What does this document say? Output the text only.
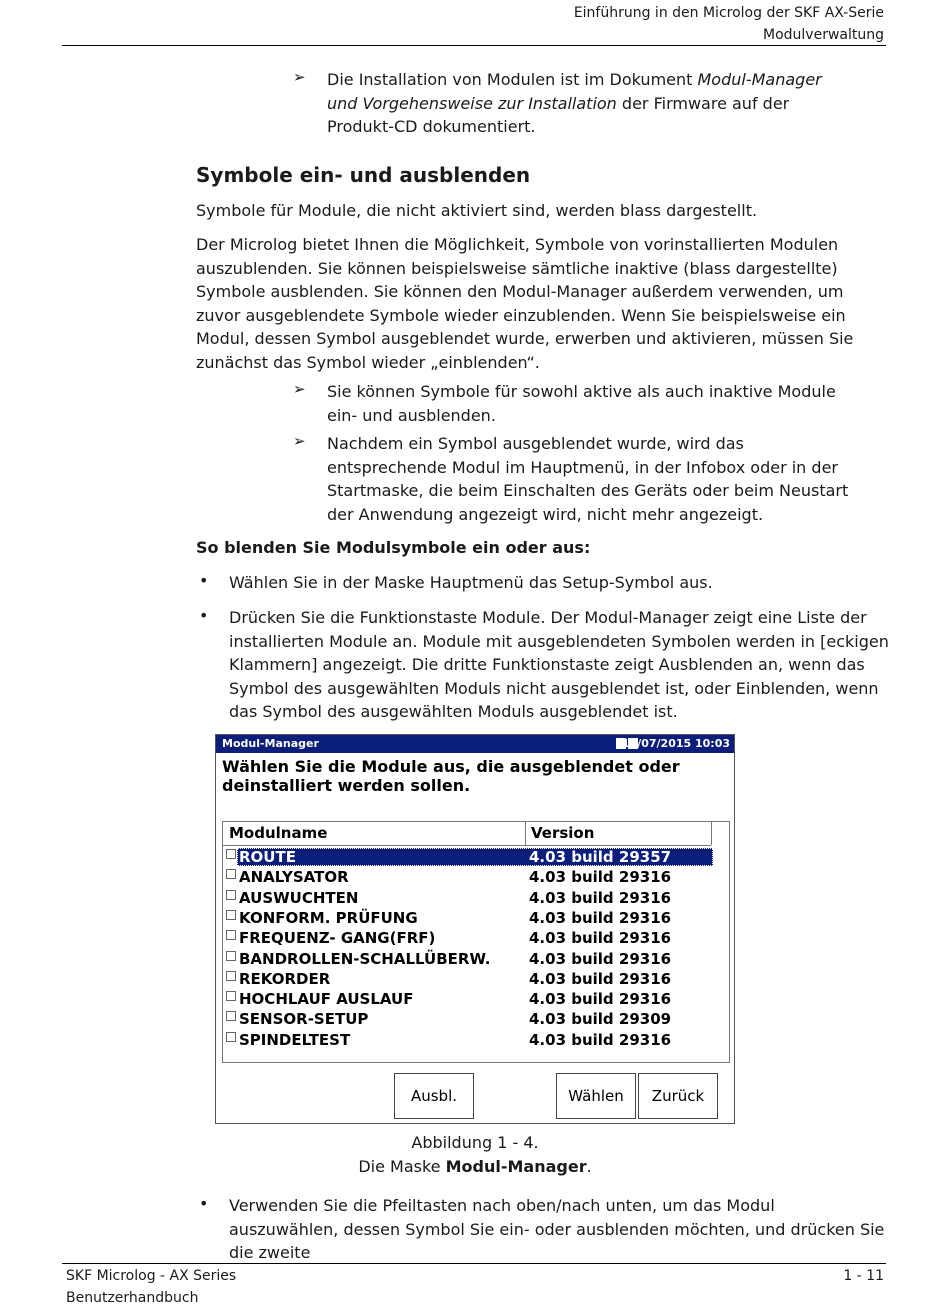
Einführung in den Microlog der SKF AX-Serie
Modulverwaltung
➢ Die Installation von Modulen ist im Dokument Modul-Manager und Vorgehensweise zur Installation der Firmware auf der Produkt-CD dokumentiert.
Symbole ein- und ausblenden
Symbole für Module, die nicht aktiviert sind, werden blass dargestellt.
Der Microlog bietet Ihnen die Möglichkeit, Symbole von vorinstallierten Modulen auszublenden. Sie können beispielsweise sämtliche inaktive (blass dargestellte) Symbole ausblenden. Sie können den Modul-Manager außerdem verwenden, um zuvor ausgeblendete Symbole wieder einzublenden. Wenn Sie beispielsweise ein Modul, dessen Symbol ausgeblendet wurde, erwerben und aktivieren, müssen Sie zunächst das Symbol wieder „einblenden“.
➢ Sie können Symbole für sowohl aktive als auch inaktive Module ein- und ausblenden.
➢ Nachdem ein Symbol ausgeblendet wurde, wird das entsprechende Modul im Hauptmenü, in der Infobox oder in der Startmaske, die beim Einschalten des Geräts oder beim Neustart der Anwendung angezeigt wird, nicht mehr angezeigt.
So blenden Sie Modulsymbole ein oder aus:
• Wählen Sie in der Maske Hauptmenü das Setup-Symbol aus.
• Drücken Sie die Funktionstaste Module. Der Modul-Manager zeigt eine Liste der installierten Module an. Module mit ausgeblendeten Symbolen werden in [eckigen Klammern] angezeigt. Die dritte Funktionstaste zeigt Ausblenden an, wenn das Symbol des ausgewählten Moduls nicht ausgeblendet ist, oder Einblenden, wenn das Symbol des ausgewählten Moduls ausgeblendet ist.
Modul-Manager	10/07/2015 10:03
Wählen Sie die Module aus, die ausgeblendet oder deinstalliert werden sollen.
Modulname	Version
ROUTE	4.03 build 29357
ANALYSATOR	4.03 build 29316
AUSWUCHTEN	4.03 build 29316
KONFORM. PRÜFUNG	4.03 build 29316
FREQUENZ- GANG(FRF)	4.03 build 29316
BANDROLLEN-SCHALLÜBERW.	4.03 build 29316
REKORDER	4.03 build 29316
HOCHLAUF AUSLAUF	4.03 build 29316
SENSOR-SETUP	4.03 build 29309
SPINDELTEST	4.03 build 29316
Ausbl.	Wählen	Zurück
Abbildung 1 - 4.
Die Maske Modul-Manager.
• Verwenden Sie die Pfeiltasten nach oben/nach unten, um das Modul auszuwählen, dessen Symbol Sie ein- oder ausblenden möchten, und drücken Sie die zweite
SKF Microlog - AX Series
Benutzerhandbuch
1 - 11
